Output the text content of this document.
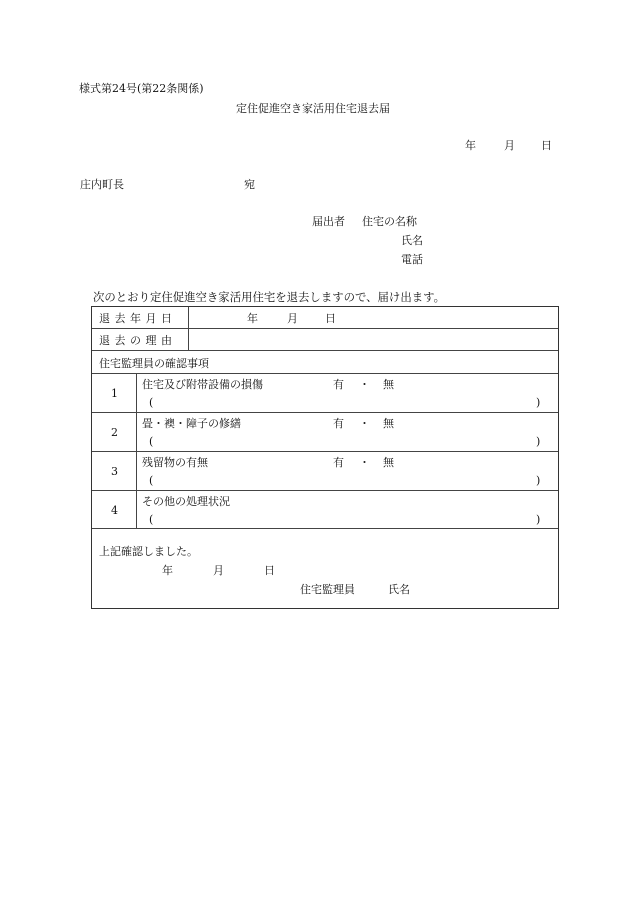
様式第24号(第22条関係)
定住促進空き家活用住宅退去届
年	月 日
庄内町長	宛
届出者 住宅の名称
氏名
電話
次のとおり定住促進空き家活用住宅を退去しますので、届け出ます。
退去年月日	年	月 日
退去の理由
住宅監理員の確認事項
1
住宅及び附帯設備の損傷	有 ・ 無
(	)
2
畳・襖・障子の修繕	有 ・ 無
(	)
3
残留物の有無	有 ・ 無
(	)
4
その他の処理状況
(	)
上記確認しました。
年	月	日
住宅監理員	氏名
